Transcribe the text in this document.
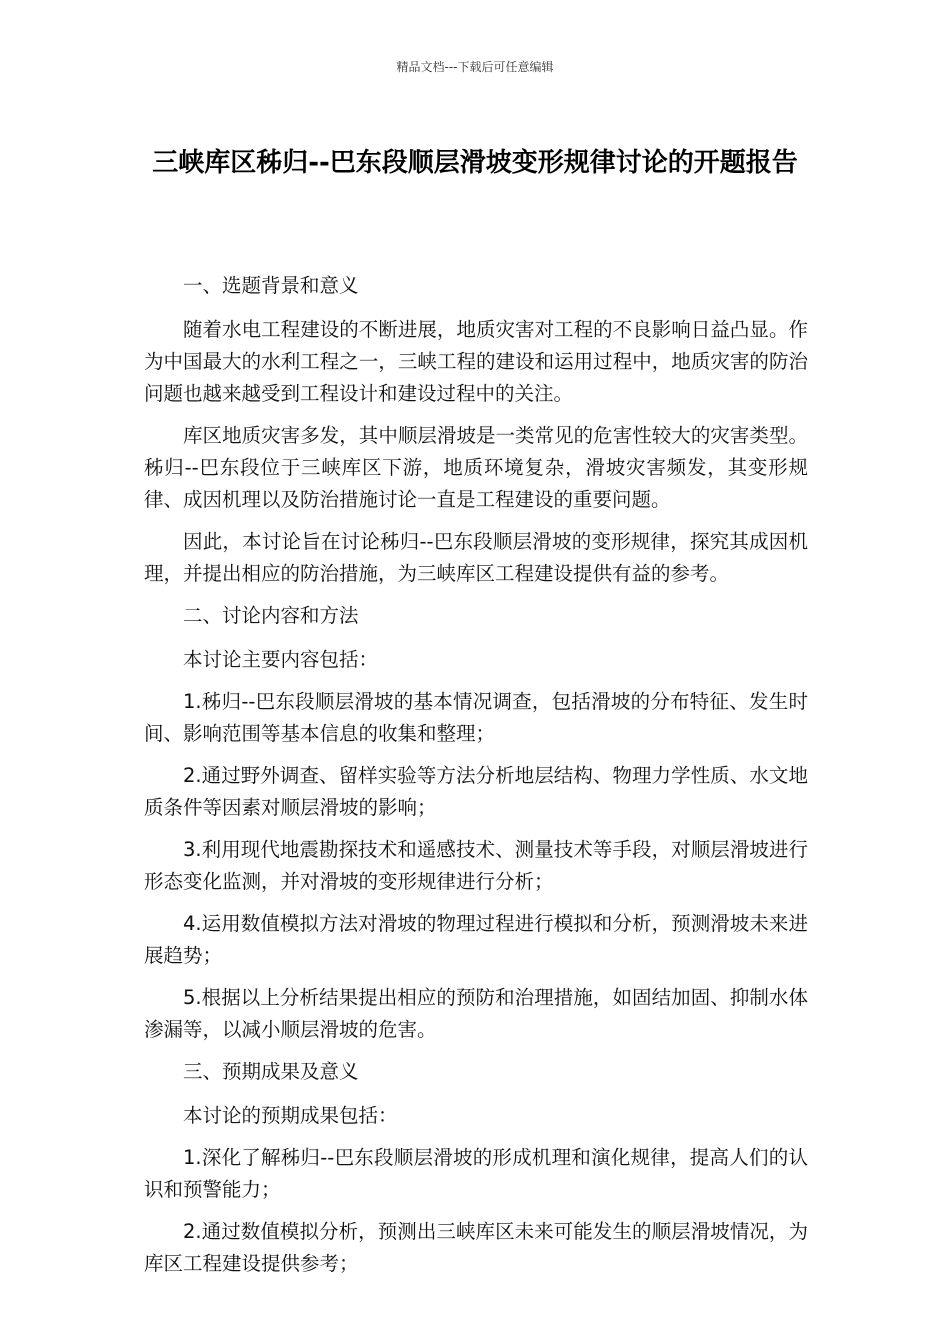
精品文档---下载后可任意编辑
三峡库区秭归--巴东段顺层滑坡变形规律讨论的开题报告

一、选题背景和意义

随着水电工程建设的不断进展，地质灾害对工程的不良影响日益凸显。作为中国最大的水利工程之一，三峡工程的建设和运用过程中，地质灾害的防治问题也越来越受到工程设计和建设过程中的关注。

库区地质灾害多发，其中顺层滑坡是一类常见的危害性较大的灾害类型。秭归--巴东段位于三峡库区下游，地质环境复杂，滑坡灾害频发，其变形规律、成因机理以及防治措施讨论一直是工程建设的重要问题。

因此，本讨论旨在讨论秭归--巴东段顺层滑坡的变形规律，探究其成因机理，并提出相应的防治措施，为三峡库区工程建设提供有益的参考。

二、讨论内容和方法

本讨论主要内容包括：

1.秭归--巴东段顺层滑坡的基本情况调查，包括滑坡的分布特征、发生时间、影响范围等基本信息的收集和整理；

2.通过野外调查、留样实验等方法分析地层结构、物理力学性质、水文地质条件等因素对顺层滑坡的影响；

3.利用现代地震勘探技术和遥感技术、测量技术等手段，对顺层滑坡进行形态变化监测，并对滑坡的变形规律进行分析；

4.运用数值模拟方法对滑坡的物理过程进行模拟和分析，预测滑坡未来进展趋势；

5.根据以上分析结果提出相应的预防和治理措施，如固结加固、抑制水体渗漏等，以减小顺层滑坡的危害。

三、预期成果及意义

本讨论的预期成果包括：

1.深化了解秭归--巴东段顺层滑坡的形成机理和演化规律，提高人们的认识和预警能力；

2.通过数值模拟分析，预测出三峡库区未来可能发生的顺层滑坡情况，为库区工程建设提供参考；
